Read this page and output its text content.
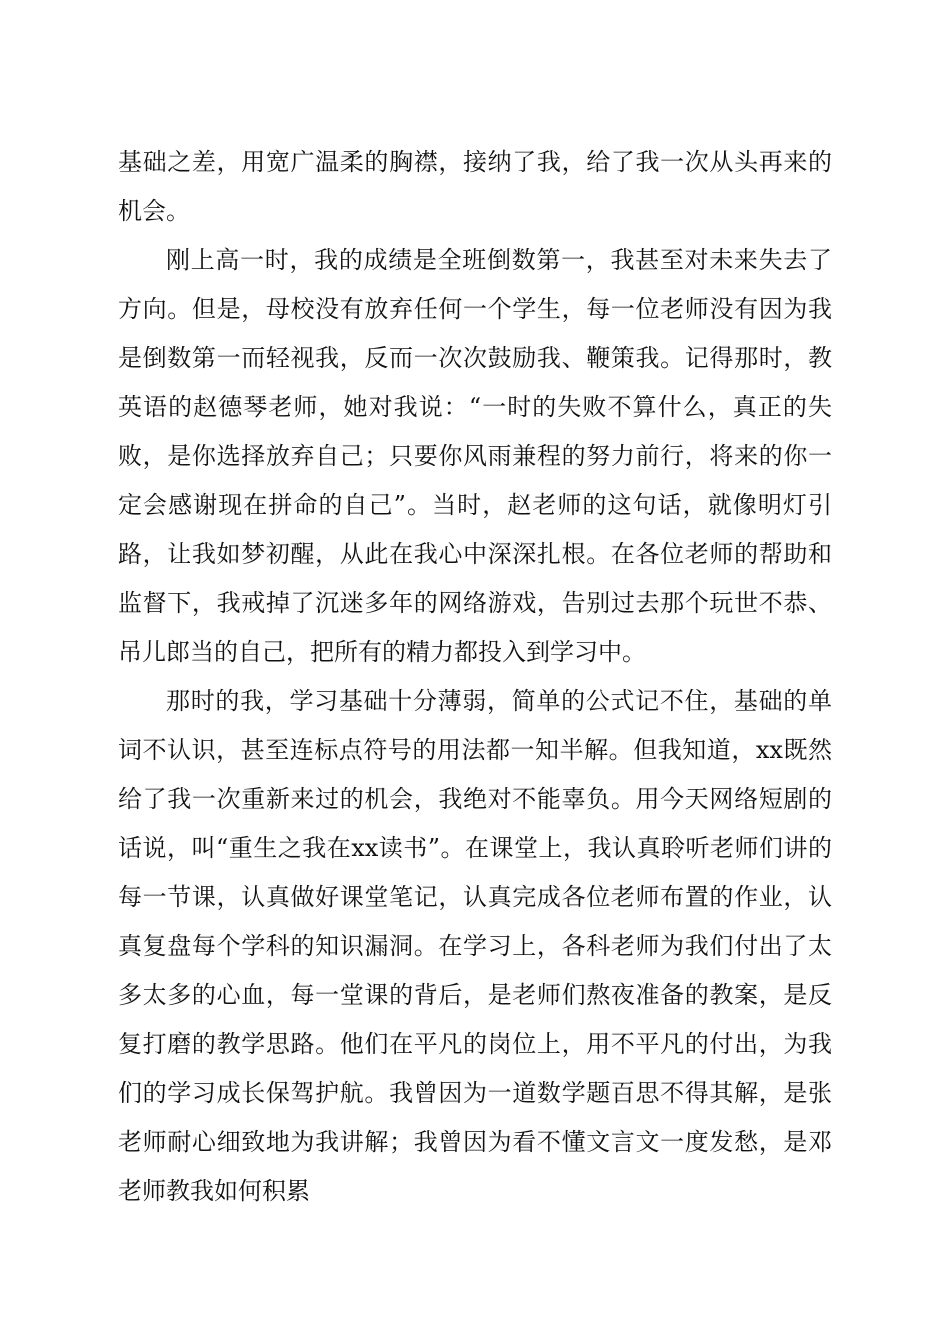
基础之差，用宽广温柔的胸襟，接纳了我，给了我一次从头再来的机会。

刚上高一时，我的成绩是全班倒数第一，我甚至对未来失去了方向。但是，母校没有放弃任何一个学生，每一位老师没有因为我是倒数第一而轻视我，反而一次次鼓励我、鞭策我。记得那时，教英语的赵德琴老师，她对我说：“一时的失败不算什么，真正的失败，是你选择放弃自己；只要你风雨兼程的努力前行，将来的你一定会感谢现在拼命的自己”。当时，赵老师的这句话，就像明灯引路，让我如梦初醒，从此在我心中深深扎根。在各位老师的帮助和监督下，我戒掉了沉迷多年的网络游戏，告别过去那个玩世不恭、吊儿郎当的自己，把所有的精力都投入到学习中。

那时的我，学习基础十分薄弱，简单的公式记不住，基础的单词不认识，甚至连标点符号的用法都一知半解。但我知道，xx既然给了我一次重新来过的机会，我绝对不能辜负。用今天网络短剧的话说，叫“重生之我在xx读书”。在课堂上，我认真聆听老师们讲的每一节课，认真做好课堂笔记，认真完成各位老师布置的作业，认真复盘每个学科的知识漏洞。在学习上，各科老师为我们付出了太多太多的心血，每一堂课的背后，是老师们熬夜准备的教案，是反复打磨的教学思路。他们在平凡的岗位上，用不平凡的付出，为我们的学习成长保驾护航。我曾因为一道数学题百思不得其解，是张老师耐心细致地为我讲解；我曾因为看不懂文言文一度发愁，是邓老师教我如何积累
